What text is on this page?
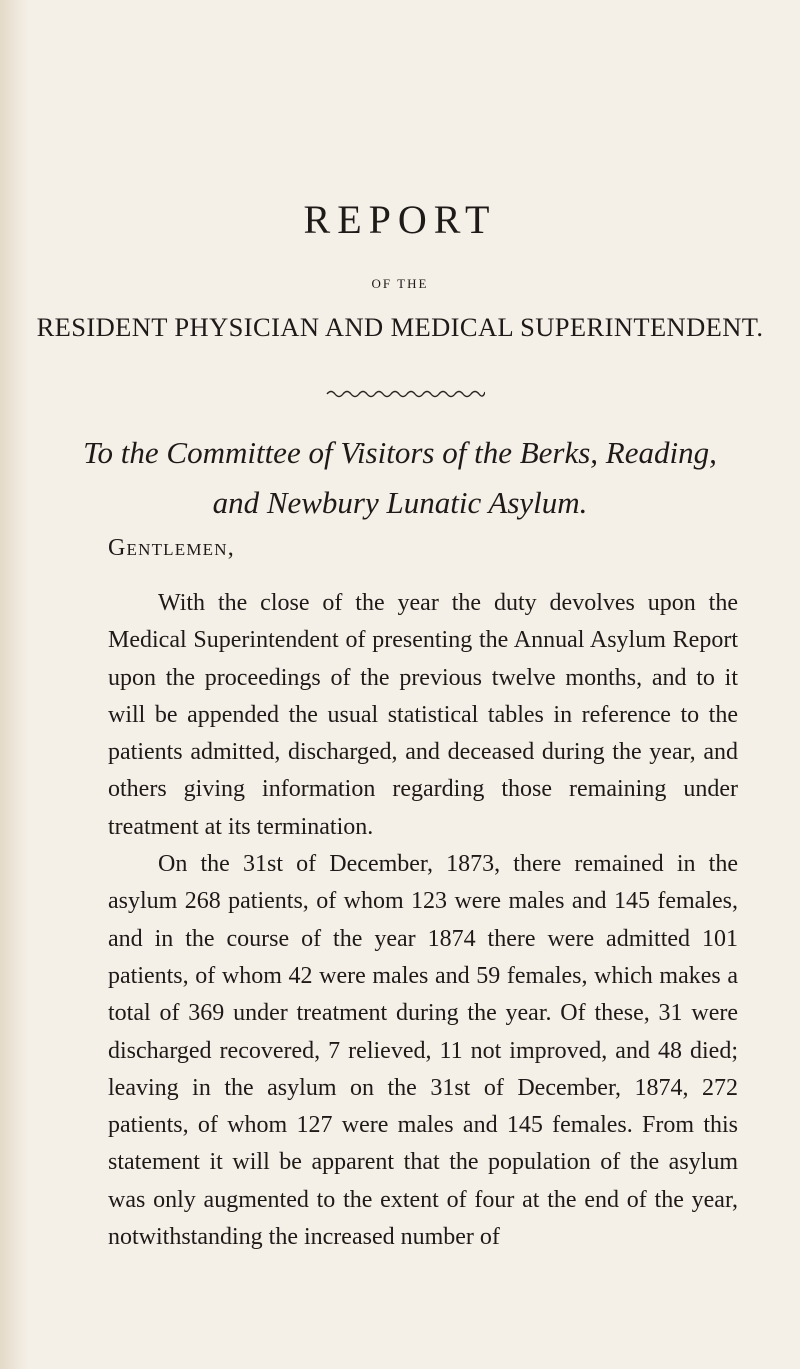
REPORT
OF THE
RESIDENT PHYSICIAN AND MEDICAL SUPERINTENDENT.
To the Committee of Visitors of the Berks, Reading,
and Newbury Lunatic Asylum.
Gentlemen,

With the close of the year the duty devolves upon the Medical Superintendent of presenting the Annual Asylum Report upon the proceedings of the previous twelve months, and to it will be appended the usual statistical tables in reference to the patients admitted, discharged, and deceased during the year, and others giving information regarding those remaining under treatment at its termination.

On the 31st of December, 1873, there remained in the asylum 268 patients, of whom 123 were males and 145 females, and in the course of the year 1874 there were admitted 101 patients, of whom 42 were males and 59 females, which makes a total of 369 under treatment during the year. Of these, 31 were discharged recovered, 7 relieved, 11 not improved, and 48 died; leaving in the asylum on the 31st of December, 1874, 272 patients, of whom 127 were males and 145 females. From this statement it will be apparent that the population of the asylum was only augmented to the extent of four at the end of the year, notwithstanding the increased number of
